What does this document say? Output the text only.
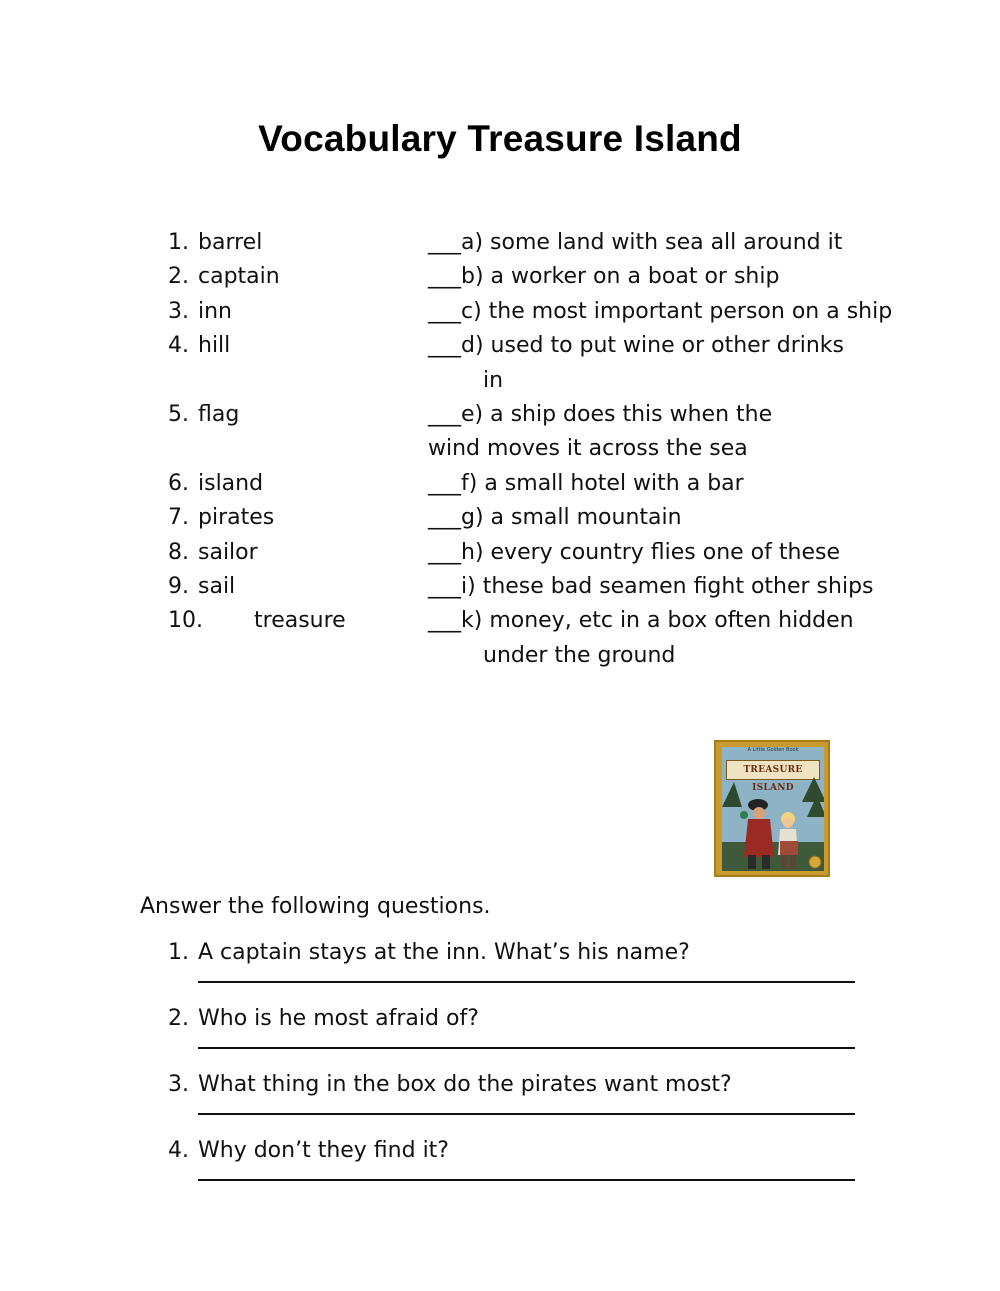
Vocabulary Treasure Island
1. barrel	___a) some land with sea all around it
2. captain	___b) a worker on a boat or ship
3. inn	___c) the most important person on a ship
4. hill	___d) used to put wine or other drinks in
5. flag	___e) a ship does this when the wind moves it across the sea
6. island	___f) a small hotel with a bar
7. pirates	___g) a small mountain
8. sailor	___h) every country flies one of these
9. sail	___i) these bad seamen fight other ships
10.	treasure	___k) money, etc in a box often hidden under the ground
A Little Golden Book
TREASURE ISLAND
Answer the following questions.
1. A captain stays at the inn. What’s his name?
2. Who is he most afraid of?
3. What thing in the box do the pirates want most?
4. Why don’t they find it?
